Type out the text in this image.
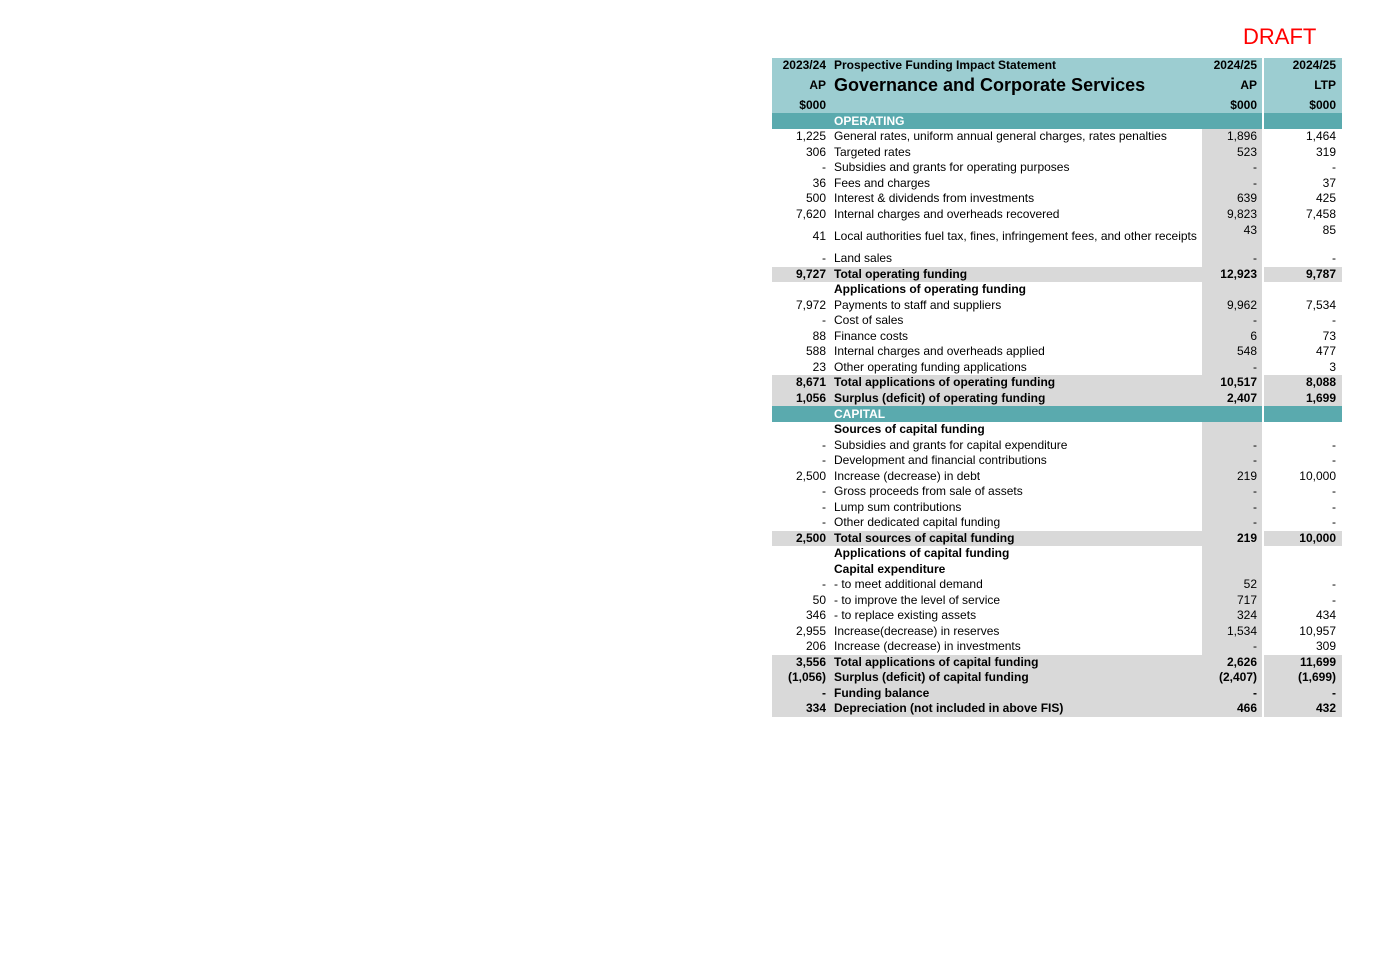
DRAFT
2023/24 Prospective Funding Impact Statement	2024/25	2024/25
AP Governance and Corporate Services	AP	LTP
$000	$000	$000
OPERATING
1,225 General rates, uniform annual general charges, rates penalties	1,896	1,464
306 Targeted rates	523	319
- Subsidies and grants for operating purposes	-	-
36 Fees and charges	-	37
500 Interest & dividends from investments	639	425
7,620 Internal charges and overheads recovered	9,823	7,458
41 Local authorities fuel tax, fines, infringement fees, and other receipts	43	85
- Land sales	-	-
9,727 Total operating funding	12,923	9,787
Applications of operating funding
7,972 Payments to staff and suppliers	9,962	7,534
- Cost of sales	-	-
88 Finance costs	6	73
588 Internal charges and overheads applied	548	477
23 Other operating funding applications	-	3
8,671 Total applications of operating funding	10,517	8,088
1,056 Surplus (deficit) of operating funding	2,407	1,699
CAPITAL
Sources of capital funding
- Subsidies and grants for capital expenditure	-	-
- Development and financial contributions	-	-
2,500 Increase (decrease) in debt	219	10,000
- Gross proceeds from sale of assets	-	-
- Lump sum contributions	-	-
- Other dedicated capital funding	-	-
2,500 Total sources of capital funding	219	10,000
Applications of capital funding
Capital expenditure
- - to meet additional demand	52	-
50 - to improve the level of service	717	-
346 - to replace existing assets	324	434
2,955 Increase(decrease) in reserves	1,534	10,957
206 Increase (decrease) in investments	-	309
3,556 Total applications of capital funding	2,626	11,699
(1,056) Surplus (deficit) of capital funding	(2,407)	(1,699)
- Funding balance	-	-
334 Depreciation (not included in above FIS)	466	432
